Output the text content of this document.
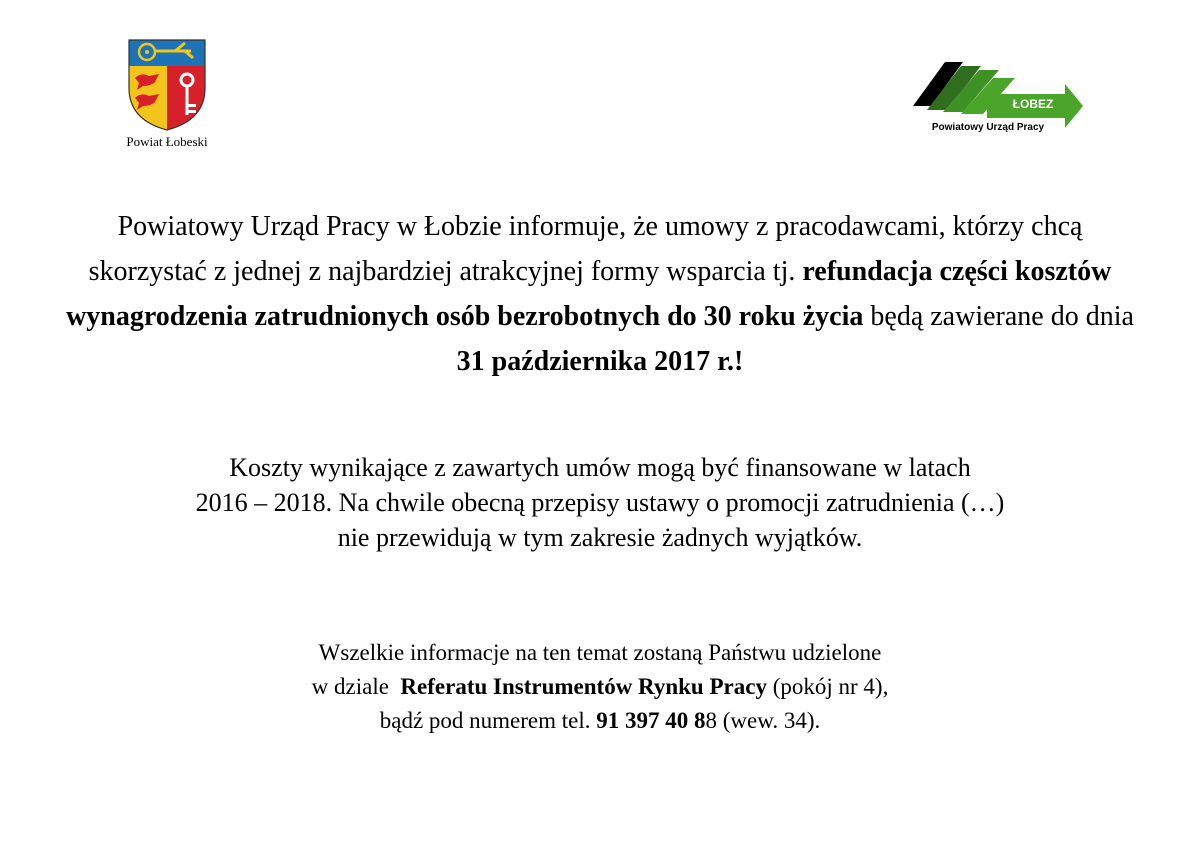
Powiat Łobeski
ŁOBEZ
Powiatowy Urząd Pracy
Powiatowy Urząd Pracy w Łobzie informuje, że umowy z pracodawcami, którzy chcą skorzystać z jednej z najbardziej atrakcyjnej formy wsparcia tj. refundacja części kosztów wynagrodzenia zatrudnionych osób bezrobotnych do 30 roku życia będą zawierane do dnia 31 października 2017 r.!
Koszty wynikające z zawartych umów mogą być finansowane w latach
2016 – 2018. Na chwile obecną przepisy ustawy o promocji zatrudnienia (…)
nie przewidują w tym zakresie żadnych wyjątków.
Wszelkie informacje na ten temat zostaną Państwu udzielone
w dziale Referatu Instrumentów Rynku Pracy (pokój nr 4),
bądź pod numerem tel. 91 397 40 88 (wew. 34).
